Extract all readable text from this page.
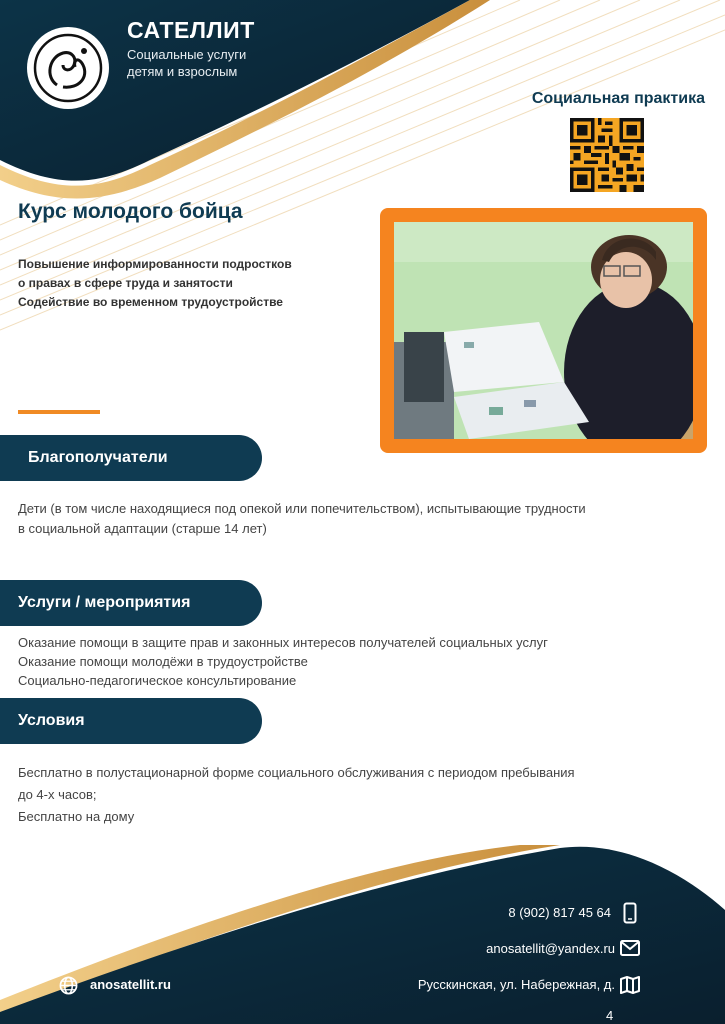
САТЕЛЛИТ
Социальные услуги
детям и взрослым
Социальная практика
Курс молодого бойца
Повышение информированности подростков
о правах в сфере труда и занятости
Содействие во временном трудоустройстве
Благополучатели
Дети (в том числе находящиеся под опекой или попечительством), испытывающие трудности
в социальной адаптации (старше 14 лет)
Услуги / мероприятия
Оказание помощи в защите прав и законных интересов получателей социальных услуг
Оказание помощи молодёжи в трудоустройстве
Социально-педагогическое консультирование
Условия
Бесплатно в полустационарной форме социального обслуживания с периодом пребывания
до 4-х часов;
Бесплатно на дому
8 (902) 817 45 64
anosatellit@yandex.ru
Русскинская, ул. Набережная, д.
anosatellit.ru
4
